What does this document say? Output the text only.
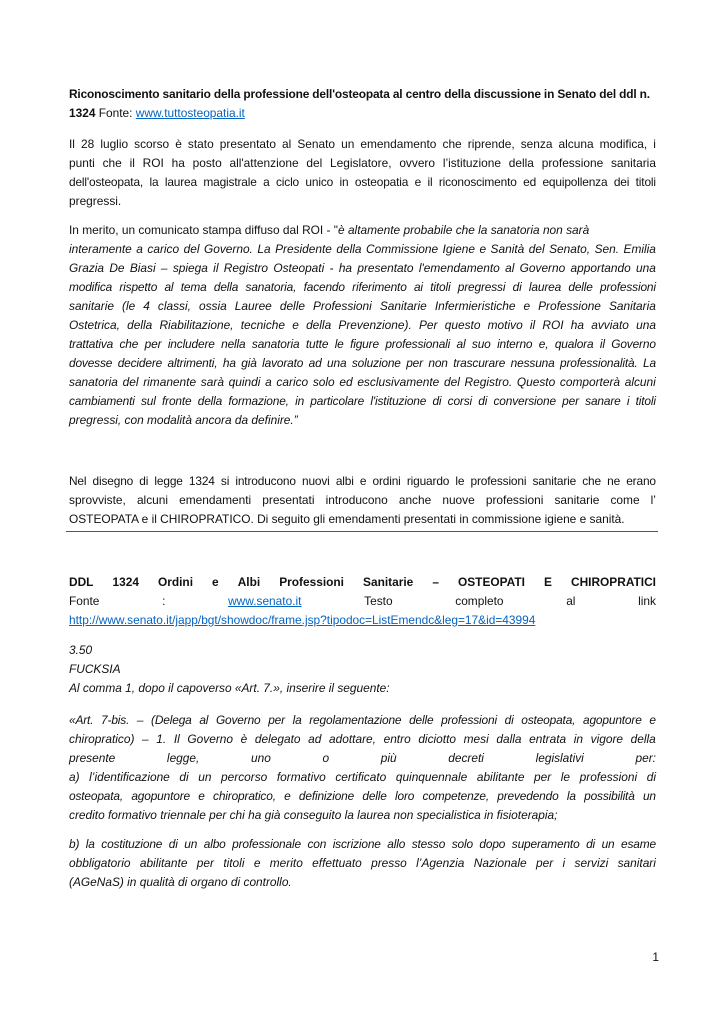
Riconoscimento sanitario della professione dell'osteopata al centro della discussione in Senato del ddl n.
1324 Fonte: www.tuttosteopatia.it
Il 28 luglio scorso è stato presentato al Senato un emendamento che riprende, senza alcuna modifica, i
punti che il ROI ha posto all'attenzione del Legislatore, ovvero l’istituzione della professione sanitaria
dell'osteopata, la laurea magistrale a ciclo unico in osteopatia e il riconoscimento ed equipollenza dei titoli
pregressi.
In merito, un comunicato stampa diffuso dal ROI - "è altamente probabile che la sanatoria non sarà
interamente a carico del Governo. La Presidente della Commissione Igiene e Sanità del Senato, Sen. Emilia
Grazia De Biasi – spiega il Registro Osteopati - ha presentato l'emendamento al Governo apportando una
modifica rispetto al tema della sanatoria, facendo riferimento ai titoli pregressi di laurea delle professioni
sanitarie (le 4 classi, ossia Lauree delle Professioni Sanitarie Infermieristiche e Professione Sanitaria
Ostetrica, della Riabilitazione, tecniche e della Prevenzione). Per questo motivo il ROI ha avviato una
trattativa che per includere nella sanatoria tutte le figure professionali al suo interno e, qualora il Governo
dovesse decidere altrimenti, ha già lavorato ad una soluzione per non trascurare nessuna professionalità. La
sanatoria del rimanente sarà quindi a carico solo ed esclusivamente del Registro. Questo comporterà alcuni
cambiamenti sul fronte della formazione, in particolare l'istituzione di corsi di conversione per sanare i titoli
pregressi, con modalità ancora da definire.”
Nel disegno di legge 1324 si introducono nuovi albi e ordini riguardo le professioni sanitarie che ne erano
sprovviste, alcuni emendamenti presentati introducono anche nuove professioni sanitarie come l’
OSTEOPATA e il CHIROPRATICO. Di seguito gli emendamenti presentati in commissione igiene e sanità.
DDL 1324 Ordini e Albi Professioni Sanitarie – OSTEOPATI E CHIROPRATICI
Fonte	:	www.senato.it	Testo	completo	al	link
http://www.senato.it/japp/bgt/showdoc/frame.jsp?tipodoc=ListEmendc&leg=17&id=43994
3.50
FUCKSIA
Al comma 1, dopo il capoverso «Art. 7.», inserire il seguente:
«Art. 7-bis. – (Delega al Governo per la regolamentazione delle professioni di osteopata, agopuntore e
chiropratico) – 1. Il Governo è delegato ad adottare, entro diciotto mesi dalla entrata in vigore della
presente	legge,	uno	o	più	decreti	legislativi	per:
a) l’identificazione di un percorso formativo certificato quinquennale abilitante per le professioni di
osteopata, agopuntore e chiropratico, e definizione delle loro competenze, prevedendo la possibilità un
credito formativo triennale per chi ha già conseguito la laurea non specialistica in fisioterapia;
b) la costituzione di un albo professionale con iscrizione allo stesso solo dopo superamento di un esame
obbligatorio abilitante per titoli e merito effettuato presso l’Agenzia Nazionale per i servizi sanitari
(AGeNaS) in qualità di organo di controllo.
1
